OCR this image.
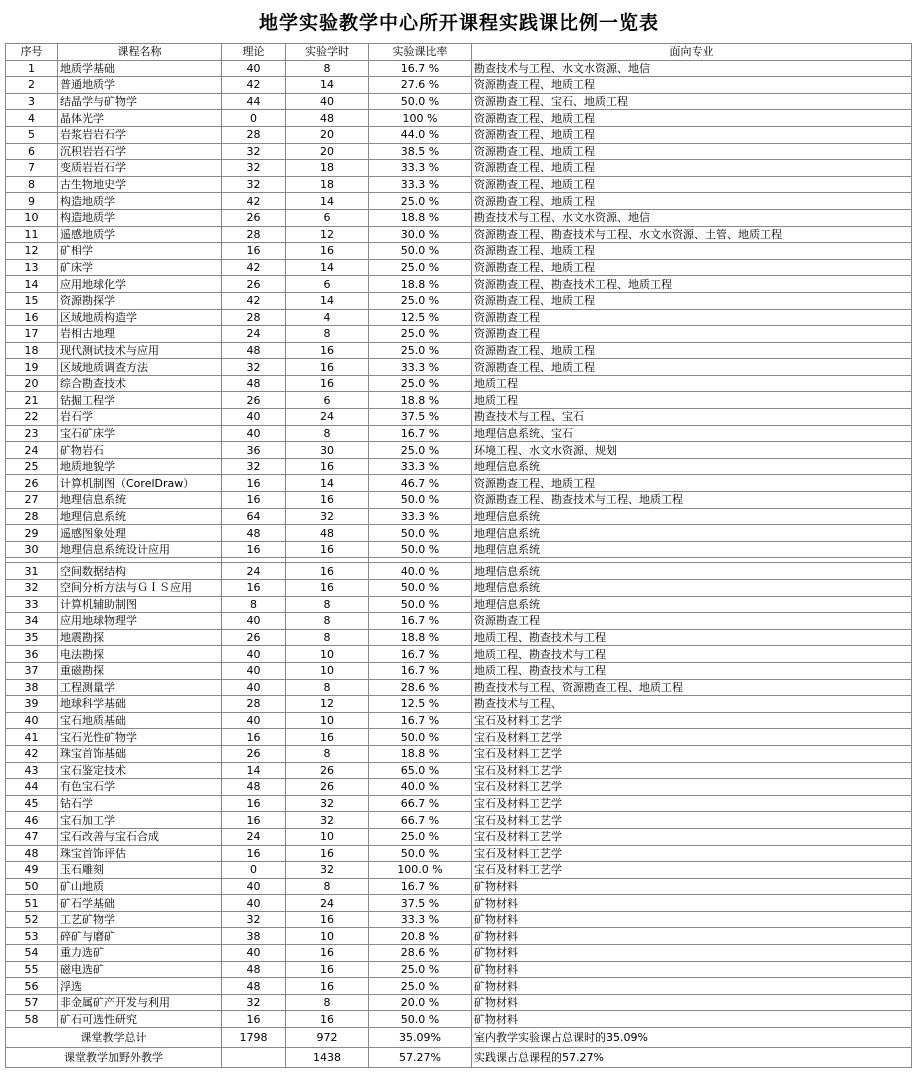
地学实验教学中心所开课程实践课比例一览表
序号	课程名称	理论	实验学时	实验课比率	面向专业
1	地质学基础	40	8	16.7 %	勘查技术与工程、水文水资源、地信
2	普通地质学	42	14	27.6 %	资源勘查工程、地质工程
3	结晶学与矿物学	44	40	50.0 %	资源勘查工程、宝石、地质工程
4	晶体光学	0	48	100 %	资源勘查工程、地质工程
5	岩浆岩岩石学	28	20	44.0 %	资源勘查工程、地质工程
6	沉积岩岩石学	32	20	38.5 %	资源勘查工程、地质工程
7	变质岩岩石学	32	18	33.3 %	资源勘查工程、地质工程
8	古生物地史学	32	18	33.3 %	资源勘查工程、地质工程
9	构造地质学	42	14	25.0 %	资源勘查工程、地质工程
10	构造地质学	26	6	18.8 %	勘查技术与工程、水文水资源、地信
11	遥感地质学	28	12	30.0 %	资源勘查工程、勘查技术与工程、水文水资源、土管、地质工程
12	矿相学	16	16	50.0 %	资源勘查工程、地质工程
13	矿床学	42	14	25.0 %	资源勘查工程、地质工程
14	应用地球化学	26	6	18.8 %	资源勘查工程、勘查技术工程、地质工程
15	资源勘探学	42	14	25.0 %	资源勘查工程、地质工程
16	区域地质构造学	28	4	12.5 %	资源勘查工程
17	岩相古地理	24	8	25.0 %	资源勘查工程
18	现代测试技术与应用	48	16	25.0 %	资源勘查工程、地质工程
19	区域地质调查方法	32	16	33.3 %	资源勘查工程、地质工程
20	综合勘查技术	48	16	25.0 %	地质工程
21	钻掘工程学	26	6	18.8 %	地质工程
22	岩石学	40	24	37.5 %	勘查技术与工程、宝石
23	宝石矿床学	40	8	16.7 %	地理信息系统、宝石
24	矿物岩石	36	30	25.0 %	环境工程、水文水资源、规划
25	地质地貌学	32	16	33.3 %	地理信息系统
26	计算机制图（CorelDraw）	16	14	46.7 %	资源勘查工程、地质工程
27	地理信息系统	16	16	50.0 %	资源勘查工程、勘查技术与工程、地质工程
28	地理信息系统	64	32	33.3 %	地理信息系统
29	遥感图象处理	48	48	50.0 %	地理信息系统
30	地理信息系统设计应用	16	16	50.0 %	地理信息系统

31	空间数据结构	24	16	40.0 %	地理信息系统
32	空间分析方法与ＧＩＳ应用	16	16	50.0 %	地理信息系统
33	计算机辅助制图	8	8	50.0 %	地理信息系统
34	应用地球物理学	40	8	16.7 %	资源勘查工程
35	地震勘探	26	8	18.8 %	地质工程、勘查技术与工程
36	电法勘探	40	10	16.7 %	地质工程、勘查技术与工程
37	重磁勘探	40	10	16.7 %	地质工程、勘查技术与工程
38	工程测量学	40	8	28.6 %	勘查技术与工程、资源勘查工程、地质工程
39	地球科学基础	28	12	12.5 %	勘查技术与工程、
40	宝石地质基础	40	10	16.7 %	宝石及材料工艺学
41	宝石光性矿物学	16	16	50.0 %	宝石及材料工艺学
42	珠宝首饰基础	26	8	18.8 %	宝石及材料工艺学
43	宝石鉴定技术	14	26	65.0 %	宝石及材料工艺学
44	有色宝石学	48	26	40.0 %	宝石及材料工艺学
45	钻石学	16	32	66.7 %	宝石及材料工艺学
46	宝石加工学	16	32	66.7 %	宝石及材料工艺学
47	宝石改善与宝石合成	24	10	25.0 %	宝石及材料工艺学
48	珠宝首饰评估	16	16	50.0 %	宝石及材料工艺学
49	玉石雕刻	0	32	100.0 %	宝石及材料工艺学
50	矿山地质	40	8	16.7 %	矿物材料
51	矿石学基础	40	24	37.5 %	矿物材料
52	工艺矿物学	32	16	33.3 %	矿物材料
53	碎矿与磨矿	38	10	20.8 %	矿物材料
54	重力选矿	40	16	28.6 %	矿物材料
55	磁电选矿	48	16	25.0 %	矿物材料
56	浮选	48	16	25.0 %	矿物材料
57	非金属矿产开发与利用	32	8	20.0 %	矿物材料
58	矿石可选性研究	16	16	50.0 %	矿物材料
课堂教学总计		1798	972	35.09%	室内教学实验课占总课时的35.09%
课堂教学加野外教学			1438	57.27%	实践课占总课程的57.27%
